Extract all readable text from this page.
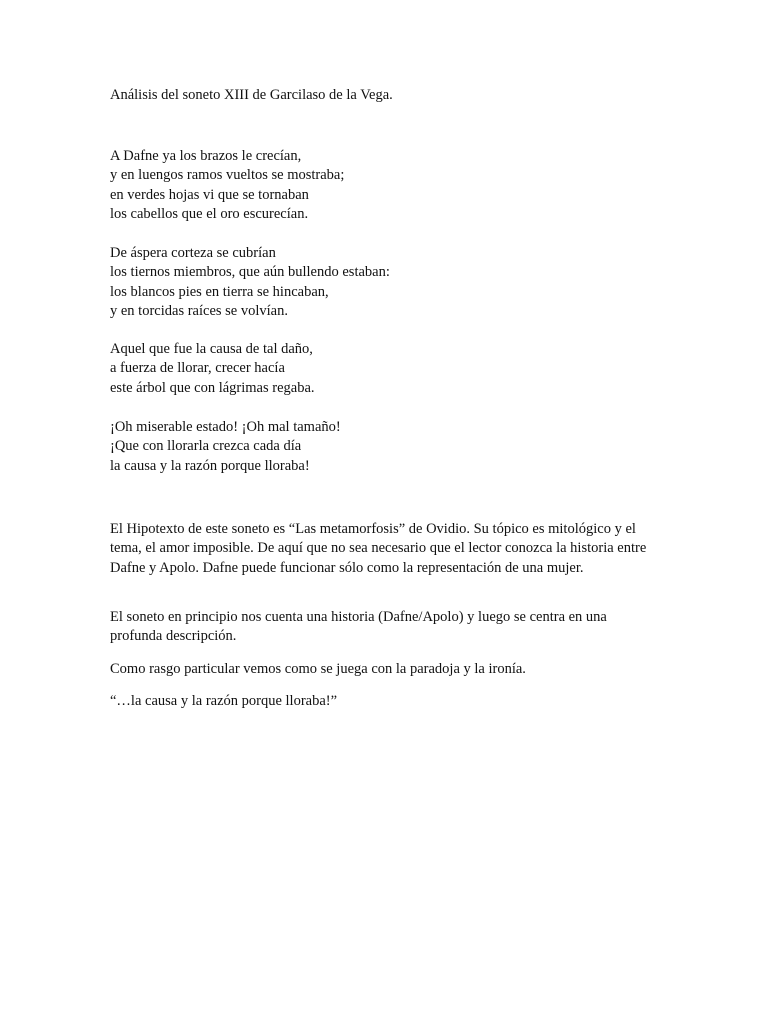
Análisis del soneto XIII de Garcilaso de la Vega.
A Dafne ya los brazos le crecían,
y en luengos ramos vueltos se mostraba;
en verdes hojas vi que se tornaban
los cabellos que el oro escurecían.
De áspera corteza se cubrían
los tiernos miembros, que aún bullendo estaban:
los blancos pies en tierra se hincaban,
y en torcidas raíces se volvían.
Aquel que fue la causa de tal daño,
a fuerza de llorar, crecer hacía
este árbol que con lágrimas regaba.
¡Oh miserable estado! ¡Oh mal tamaño!
¡Que con llorarla crezca cada día
la causa y la razón porque lloraba!

El Hipotexto de este soneto es “Las metamorfosis” de Ovidio. Su tópico es mitológico y el tema, el amor imposible. De aquí que no sea necesario que el lector conozca la historia entre Dafne y Apolo. Dafne puede funcionar sólo como la representación de una mujer.

El soneto en principio nos cuenta una historia (Dafne/Apolo) y luego se centra en una profunda descripción.

Como rasgo particular vemos como se juega con la paradoja y la ironía.

“…la causa y la razón porque lloraba!”
